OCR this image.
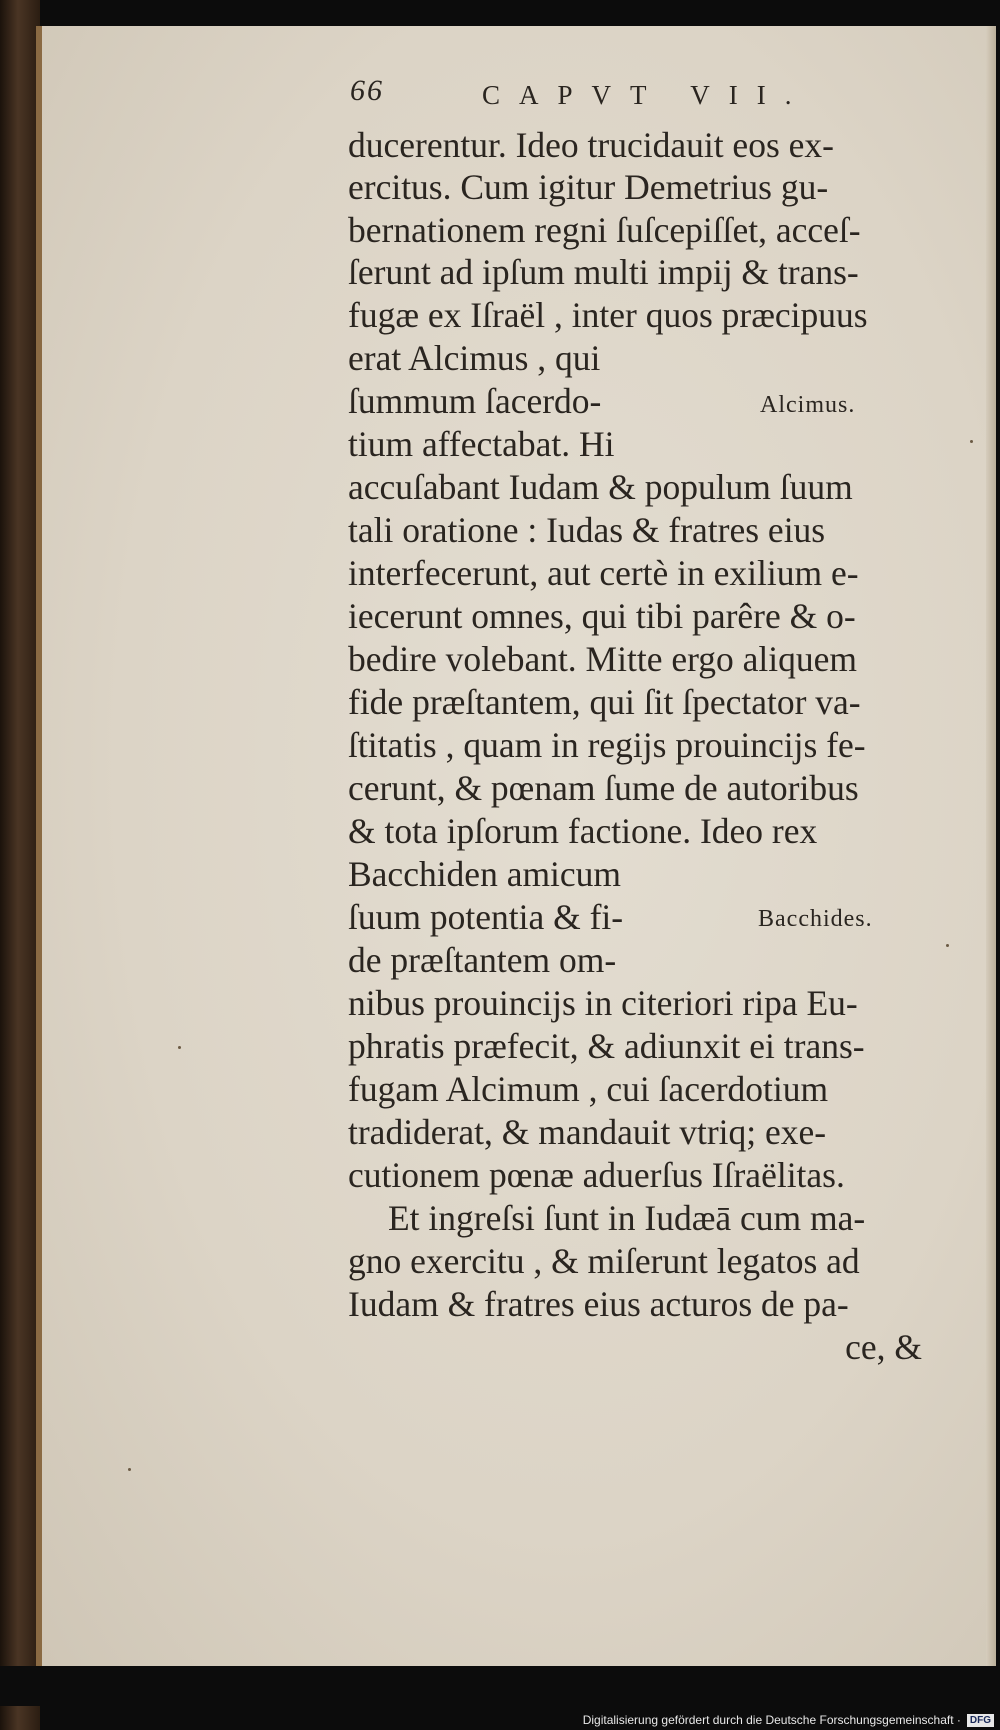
66	CAPVT VII.
ducerentur. Ideo trucidauit eos ex-
ercitus. Cum igitur Demetrius gu-
bernationem regni ſuſcepiſſet, acceſ-
ſerunt ad ipſum multi impij & trans-
fugæ ex Iſraël , inter quos præcipuus
erat Alcimus , qui
ſummum ſacerdo-
tium affectabat. Hi
accuſabant Iudam & populum ſuum
tali oratione : Iudas & fratres eius
interfecerunt, aut certè in exilium e-
iecerunt omnes, qui tibi parêre & o-
bedire volebant. Mitte ergo aliquem
fide præſtantem, qui ſit ſpectator va-
ſtitatis , quam in regijs prouincijs fe-
cerunt, & pœnam ſume de autoribus
& tota ipſorum factione. Ideo rex
Bacchiden amicum
ſuum potentia & fi-
de præſtantem om-
nibus prouincijs in citeriori ripa Eu-
phratis præfecit, & adiunxit ei trans-
fugam Alcimum , cui ſacerdotium
tradiderat, & mandauit vtriq; exe-
cutionem pœnæ aduerſus Iſraëlitas.
Et ingreſsi ſunt in Iudæā cum ma-
gno exercitu , & miſerunt legatos ad
Iudam & fratres eius acturos de pa-
ce, &
Alcimus.
Bacchides.
Digitalisierung gefördert durch die Deutsche Forschungsgemeinschaft · DFG
